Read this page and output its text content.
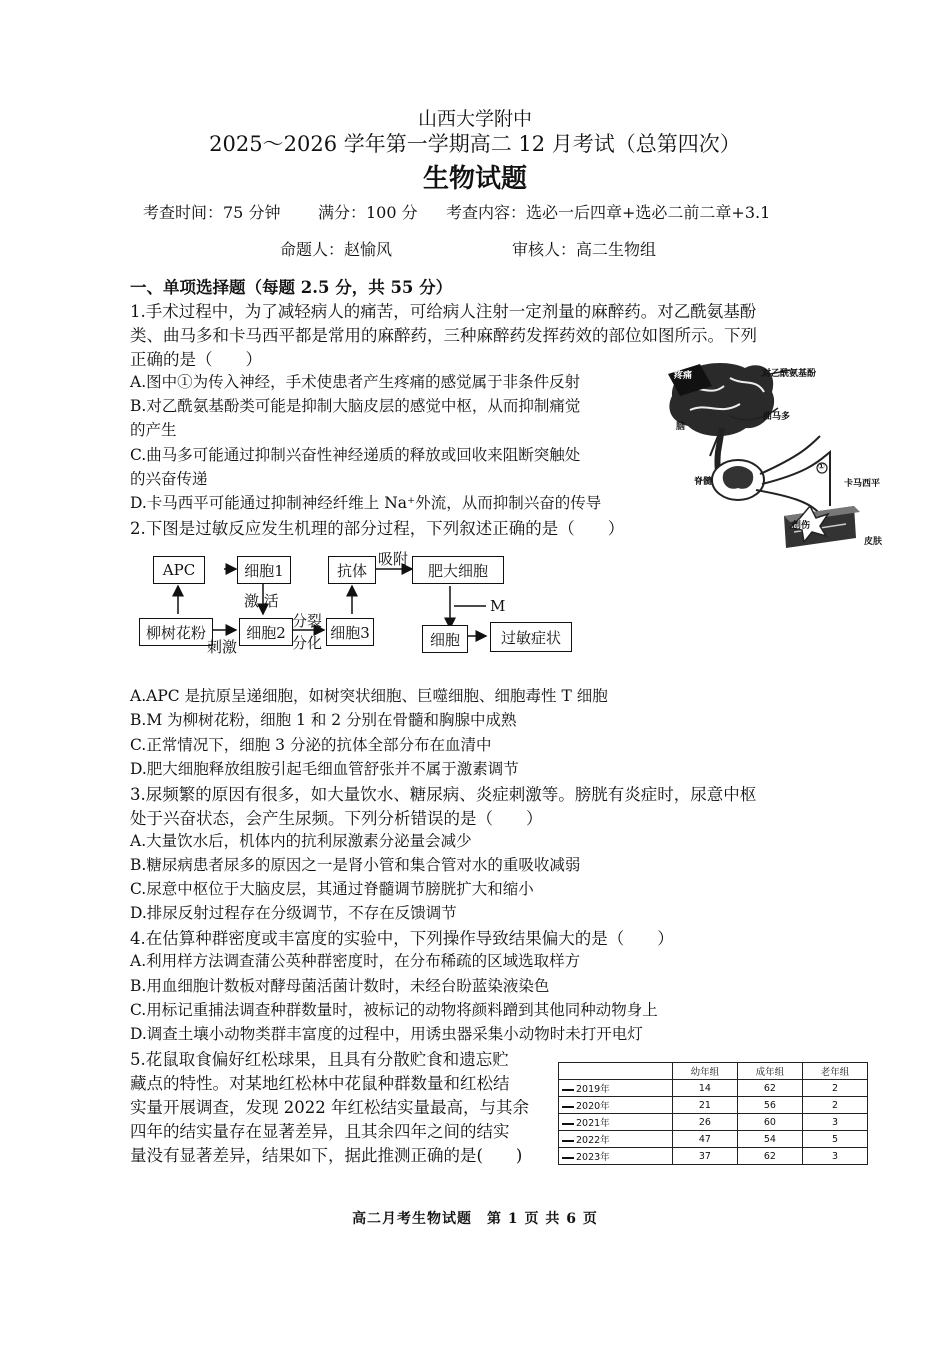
山西大学附中
2025～2026 学年第一学期高二 12 月考试（总第四次）
生物试题
考查时间：75 分钟 满分：100 分 考查内容：选必一后四章+选必二前二章+3.1
命题人：赵愉风	审核人：高二生物组
一、单项选择题（每题 2.5 分，共 55 分）
1.手术过程中，为了减轻病人的痛苦，可给病人注射一定剂量的麻醉药。对乙酰氨基酚
类、曲马多和卡马西平都是常用的麻醉药，三种麻醉药发挥药效的部位如图所示。下列
正确的是（　　）
A.图中①为传入神经，手术使患者产生疼痛的感觉属于非条件反射
B.对乙酰氨基酚类可能是抑制大脑皮层的感觉中枢，从而抑制痛觉
的产生
C.曲马多可能通过抑制兴奋性神经递质的释放或回收来阻断突触处
的兴奋传递
D.卡马西平可能通过抑制神经纤维上 Na⁺外流，从而抑制兴奋的传导
疼痛	对乙酰氨基酚
曲马多
脑
脊髓
①
卡马西平
创伤
皮肤
2.下图是过敏反应发生机理的部分过程，下列叙述正确的是（　　）
APC	细胞1	抗体
吸附
肥大细胞
激 活	M
柳树花粉	细胞2
分裂
分化
细胞3
刺激	细胞	过敏症状
A.APC 是抗原呈递细胞，如树突状细胞、巨噬细胞、细胞毒性 T 细胞
B.M 为柳树花粉，细胞 1 和 2 分别在骨髓和胸腺中成熟
C.正常情况下，细胞 3 分泌的抗体全部分布在血清中
D.肥大细胞释放组胺引起毛细血管舒张并不属于激素调节
3.尿频繁的原因有很多，如大量饮水、糖尿病、炎症刺激等。膀胱有炎症时，尿意中枢
处于兴奋状态，会产生尿频。下列分析错误的是（　　）
A.大量饮水后，机体内的抗利尿激素分泌量会减少
B.糖尿病患者尿多的原因之一是肾小管和集合管对水的重吸收减弱
C.尿意中枢位于大脑皮层，其通过脊髓调节膀胱扩大和缩小
D.排尿反射过程存在分级调节，不存在反馈调节
4.在估算种群密度或丰富度的实验中，下列操作导致结果偏大的是（　　）
A.利用样方法调查蒲公英种群密度时，在分布稀疏的区域选取样方
B.用血细胞计数板对酵母菌活菌计数时，未经台盼蓝染液染色
C.用标记重捕法调查种群数量时，被标记的动物将颜料蹭到其他同种动物身上
D.调查土壤小动物类群丰富度的过程中，用诱虫器采集小动物时未打开电灯
5.花鼠取食偏好红松球果，且具有分散贮食和遗忘贮
藏点的特性。对某地红松林中花鼠种群数量和红松结
实量开展调查，发现 2022 年红松结实量最高，与其余
四年的结实量存在显著差异，且其余四年之间的结实
量没有显著差异，结果如下，据此推测正确的是(　　)
	幼年组	成年组	老年组
2019年	14	62	2
2020年	21	56	2
2021年	26	60	3
2022年	47	54	5
2023年	37	62	3
高二月考生物试题　第 1 页 共 6 页
